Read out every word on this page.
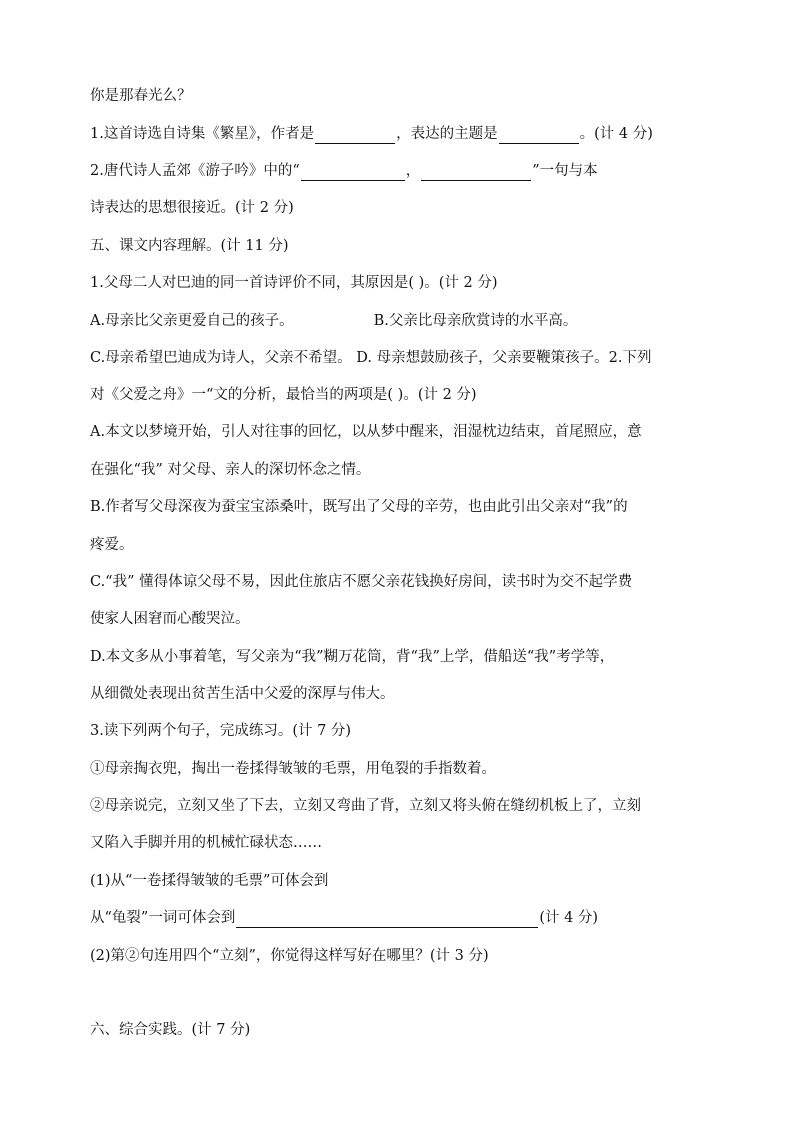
你是那春光么？
1.这首诗选自诗集《繁星》，作者是	，表达的主题是	。(计 4 分)
2.唐代诗人孟郊《游子吟》中的“	，	”一句与本
诗表达的思想很接近。(计 2 分)
五、课文内容理解。(计 11 分)
1.父母二人对巴迪的同一首诗评价不同，其原因是( )。(计 2 分)
A.母亲比父亲更爱自己的孩子。	B.父亲比母亲欣赏诗的水平高。
C.母亲希望巴迪成为诗人，父亲不希望。 D. 母亲想鼓励孩子，父亲要鞭策孩子。2.下列
对《父爱之舟》一“文的分析，最恰当的两项是( )。(计 2 分)
A.本文以梦境开始，引人对往事的回忆，以从梦中醒来，泪湿枕边结束，首尾照应，意
在强化“我” 对父母、亲人的深切怀念之情。
B.作者写父母深夜为蚕宝宝添桑叶，既写出了父母的辛劳，也由此引出父亲对“我”的
疼爱。
C.“我” 懂得体谅父母不易，因此住旅店不愿父亲花钱换好房间，读书时为交不起学费
使家人困窘而心酸哭泣。
D.本文多从小事着笔，写父亲为“我”糊万花筒，背“我”上学，借船送“我”考学等，
从细微处表现出贫苦生活中父爱的深厚与伟大。
3.读下列两个句子，完成练习。(计 7 分)
①母亲掏衣兜，掏出一卷揉得皱皱的毛票，用龟裂的手指数着。
②母亲说完，立刻又坐了下去，立刻又弯曲了背，立刻又将头俯在缝纫机板上了，立刻
又陷入手脚并用的机械忙碌状态……
(1)从“一卷揉得皱皱的毛票”可体会到
从“龟裂”一词可体会到	(计 4 分)
(2)第②句连用四个“立刻”，你觉得这样写好在哪里？(计 3 分)
六、综合实践。(计 7 分)
